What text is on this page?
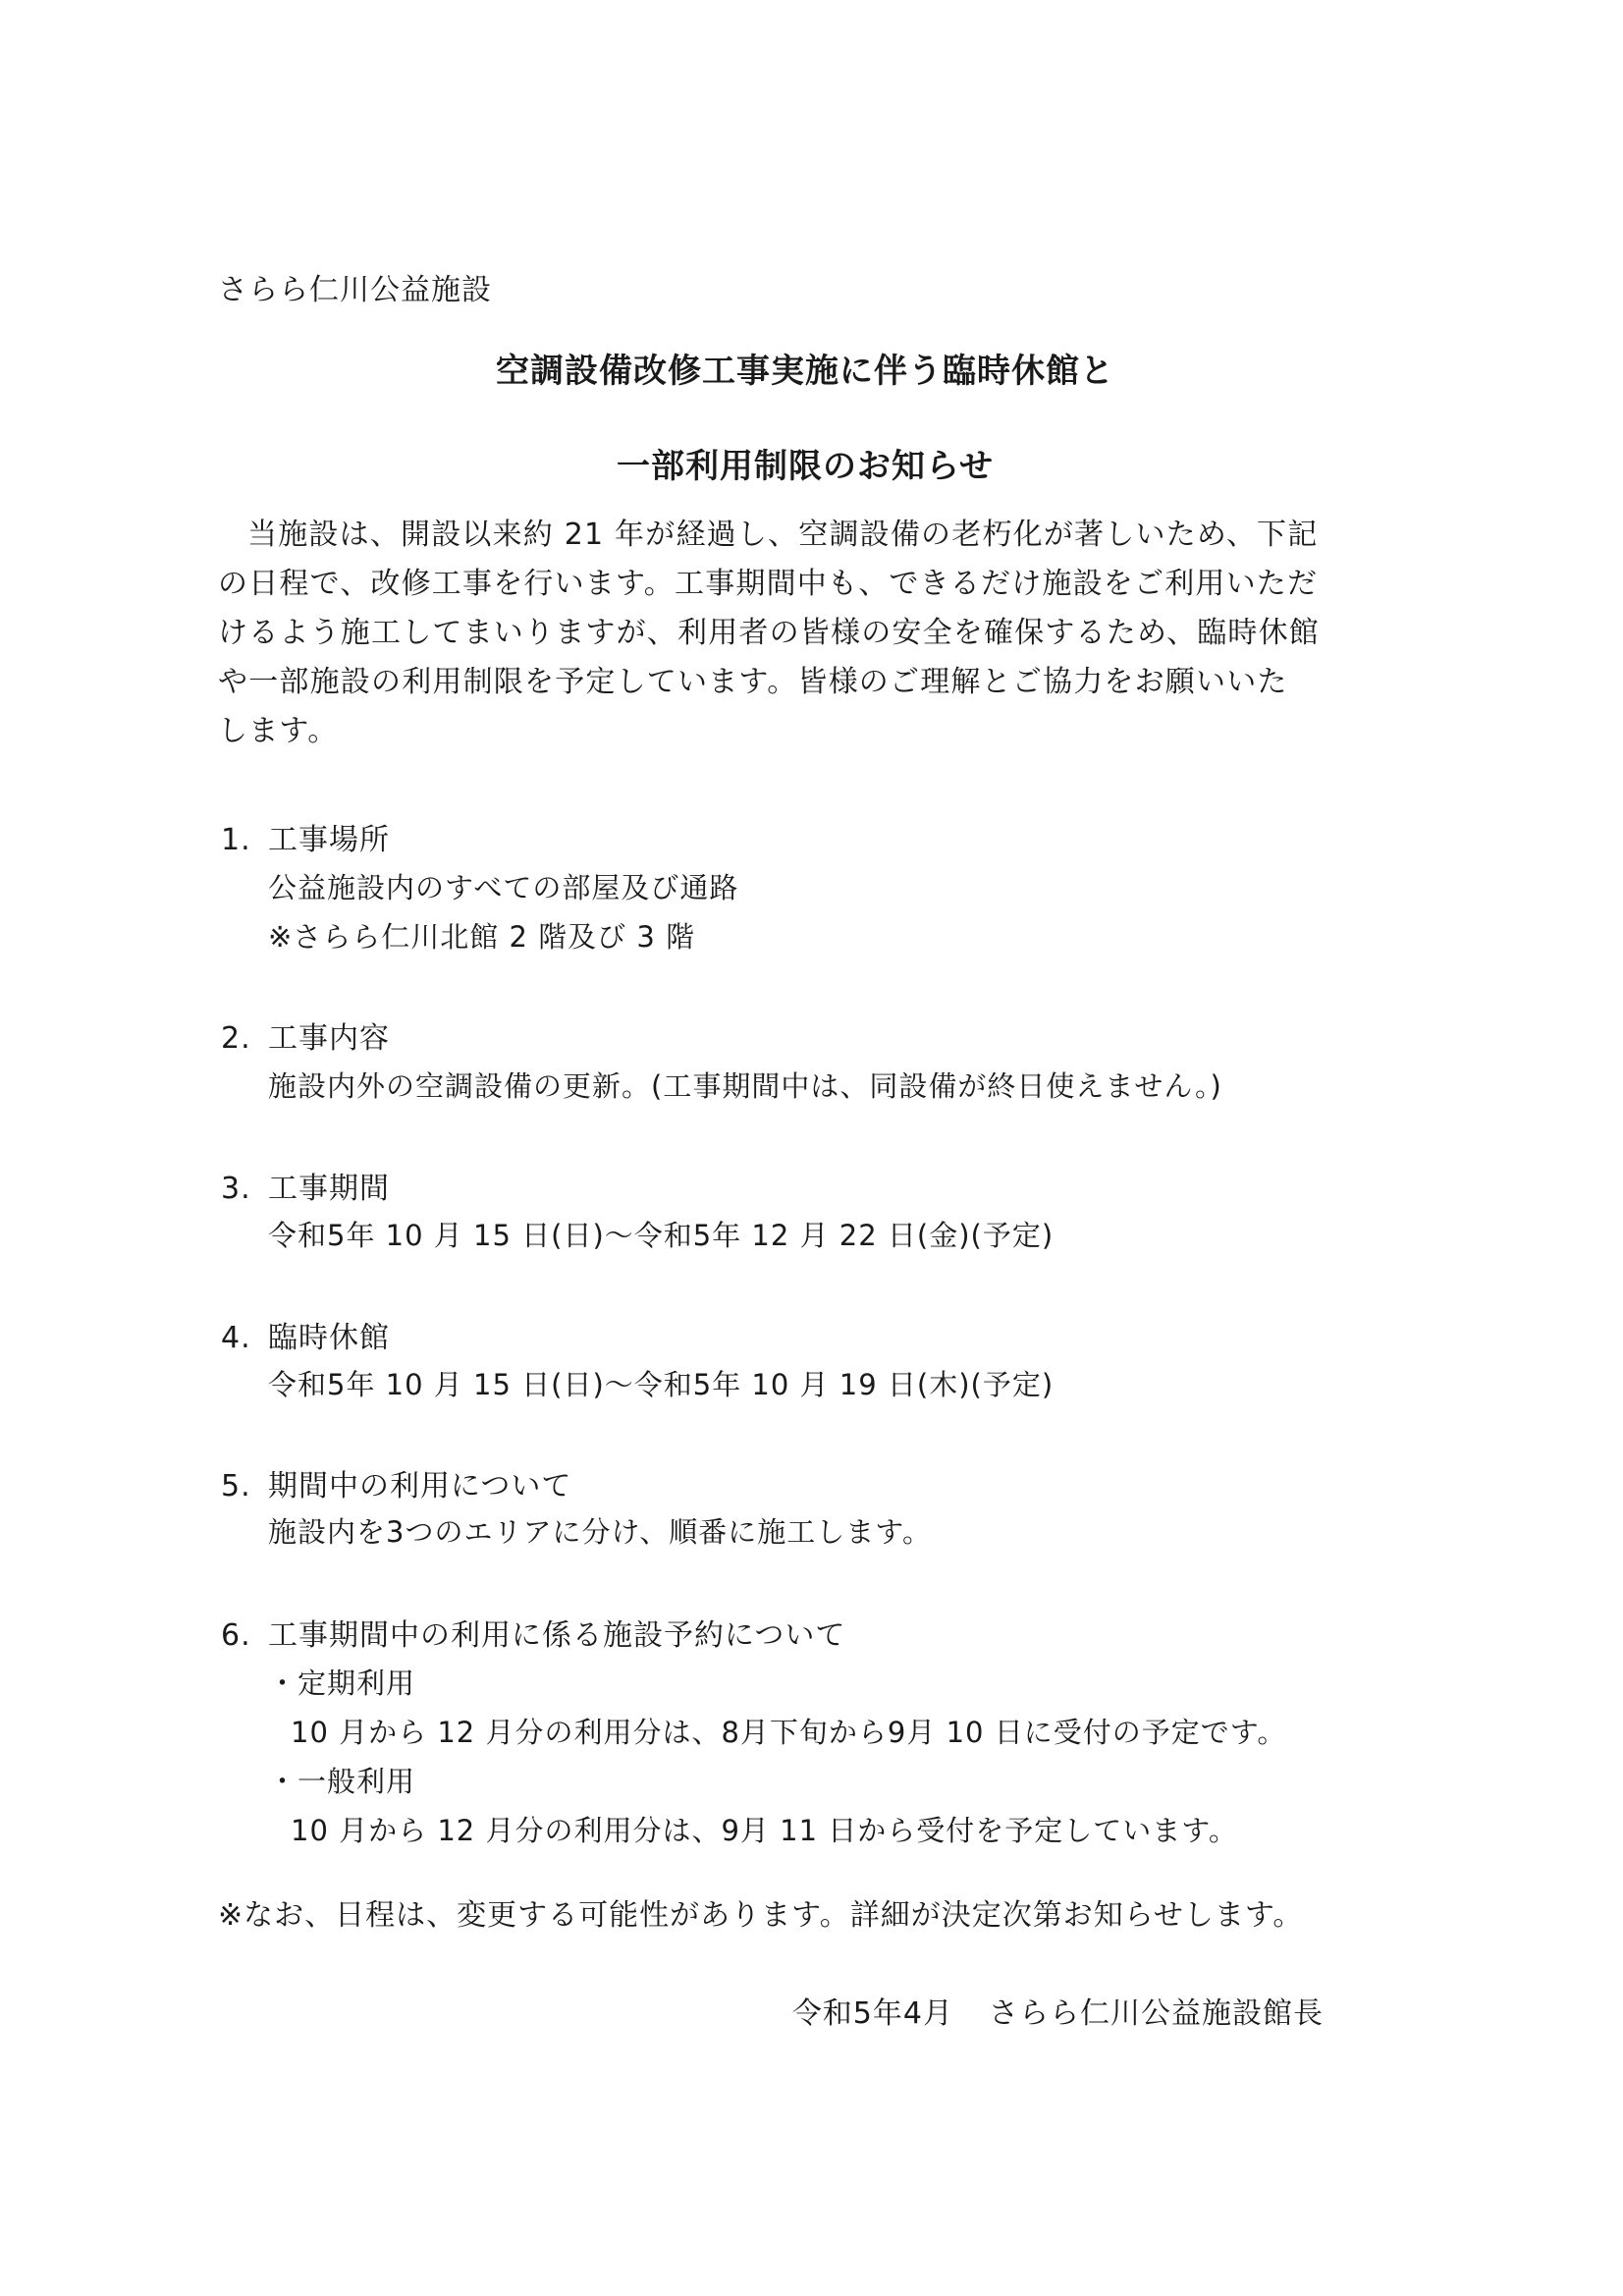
さらら仁川公益施設
空調設備改修工事実施に伴う臨時休館と
一部利用制限のお知らせ

当施設は、開設以来約 21 年が経過し、空調設備の老朽化が著しいため、下記

の日程で、改修工事を行います。工事期間中も、できるだけ施設をご利用いただ

けるよう施工してまいりますが、利用者の皆様の安全を確保するため、臨時休館

や一部施設の利用制限を予定しています。皆様のご理解とご協力をお願いいた

します。

1. 工事場所
公益施設内のすべての部屋及び通路
※さらら仁川北館 2 階及び 3 階
2. 工事内容
施設内外の空調設備の更新。(工事期間中は、同設備が終日使えません。)
3. 工事期間
令和5年 10 月 15 日(日)～令和5年 12 月 22 日(金)(予定)
4. 臨時休館
令和5年 10 月 15 日(日)～令和5年 10 月 19 日(木)(予定)
5. 期間中の利用について
施設内を3つのエリアに分け、順番に施工します。
6. 工事期間中の利用に係る施設予約について
・定期利用
10 月から 12 月分の利用分は、8月下旬から9月 10 日に受付の予定です。
・一般利用
10 月から 12 月分の利用分は、9月 11 日から受付を予定しています。
※なお、日程は、変更する可能性があります。詳細が決定次第お知らせします。
令和5年4月 さらら仁川公益施設館長
